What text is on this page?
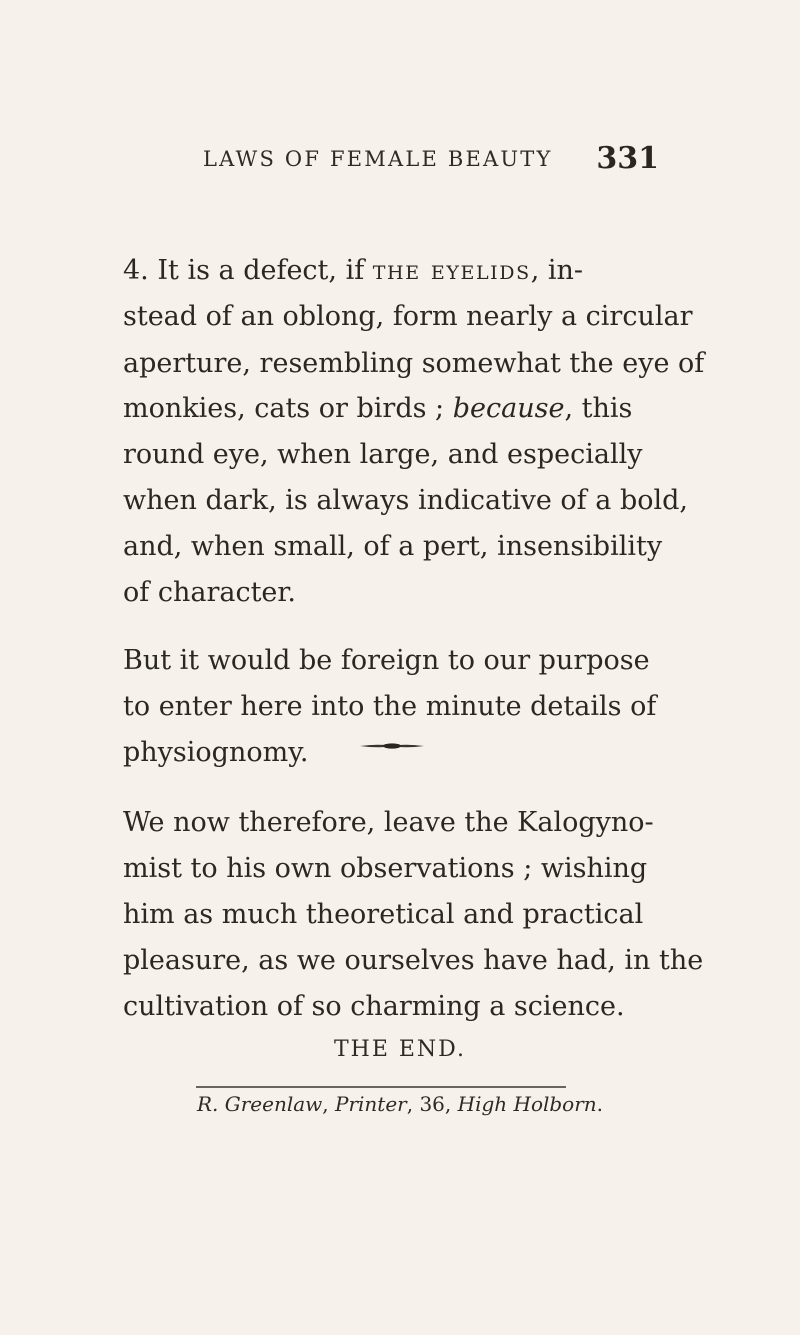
LAWS OF FEMALE BEAUTY 331
4. It is a defect, if the eyelids, in-
stead of an oblong, form nearly a circular
aperture, resembling somewhat the eye of
monkies, cats or birds ; because, this
round eye, when large, and especially
when dark, is always indicative of a bold,
and, when small, of a pert, insensibility
of character.
But it would be foreign to our purpose
to enter here into the minute details of
physiognomy.
We now therefore, leave the Kalogyno-
mist to his own observations ; wishing
him as much theoretical and practical
pleasure, as we ourselves have had, in the
cultivation of so charming a science.
THE END.
R. Greenlaw, Printer, 36, High Holborn.
